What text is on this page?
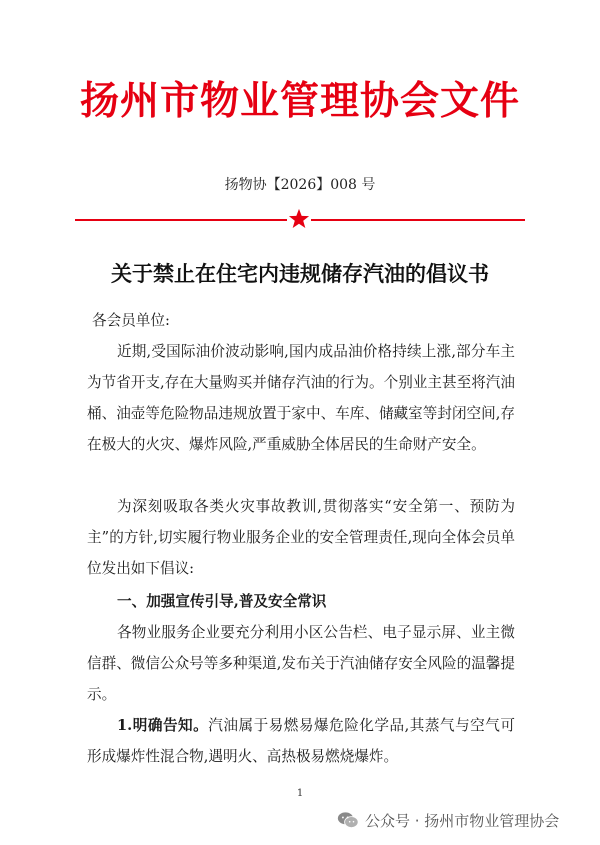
扬州市物业管理协会文件
扬物协【2026】008 号
关于禁止在住宅内违规储存汽油的倡议书
各会员单位:
近期,受国际油价波动影响,国内成品油价格持续上涨,部分车主为节省开支,存在大量购买并储存汽油的行为。个别业主甚至将汽油桶、油壶等危险物品违规放置于家中、车库、储藏室等封闭空间,存在极大的火灾、爆炸风险,严重威胁全体居民的生命财产安全。
为深刻吸取各类火灾事故教训,贯彻落实“安全第一、预防为主”的方针,切实履行物业服务企业的安全管理责任,现向全体会员单位发出如下倡议:
一、加强宣传引导,普及安全常识
各物业服务企业要充分利用小区公告栏、电子显示屏、业主微信群、微信公众号等多种渠道,发布关于汽油储存安全风险的温馨提示。
1.明确告知。汽油属于易燃易爆危险化学品,其蒸气与空气可形成爆炸性混合物,遇明火、高热极易燃烧爆炸。
1
公众号 · 扬州市物业管理协会
